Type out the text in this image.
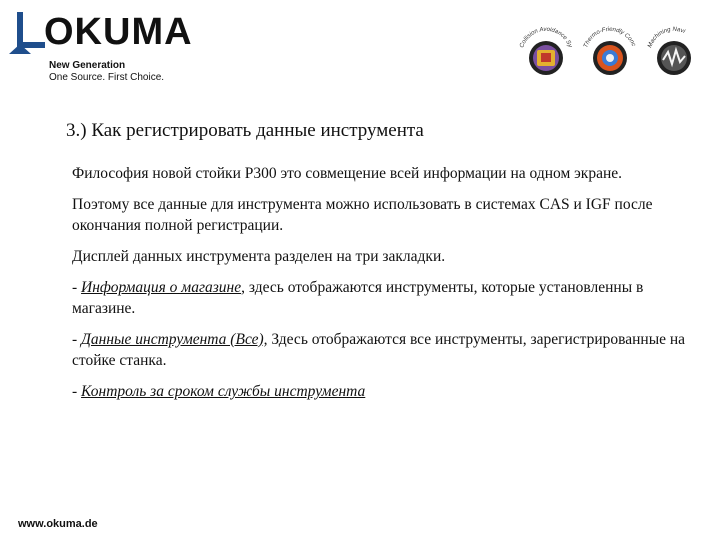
OKUMA
New Generation
One Source. First Choice.
Collision Avoidance Sy	Thermo-Friendly Conc Machining Navi
3.) Как регистрировать данные инструмента

Философия новой стойки P300 это совмещение всей информации на одном экране.

Поэтому все данные для инструмента можно использовать в системах CAS и IGF после окончания полной регистрации.

Дисплей данных инструмента разделен на три закладки.

- Информация о магазине, здесь отображаются инструменты, которые установленны в магазине.

- Данные инструмента (Все), Здесь отображаются все инструменты, зарегистрированные на стойке станка.

- Контроль за сроком службы инструмента

www.okuma.de
